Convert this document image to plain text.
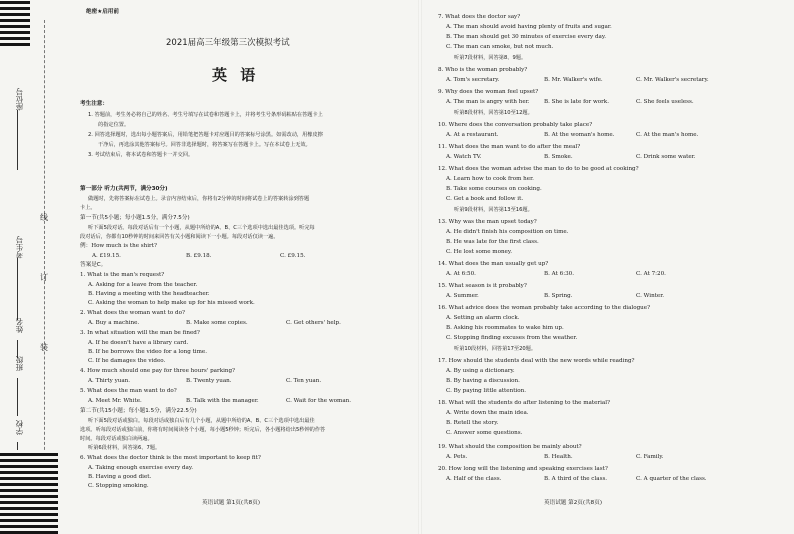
座位号
考生号
姓名
班级
学校
线
订
装
绝密★启用前
2021届高三年级第三次模拟考试
英 语
考生注意：
1. 答题前，考生务必将自己的姓名、考生号填写在试卷和答题卡上，并将考生号条形码粘贴在答题卡上
的指定位置。
2. 回答选择题时，选出每小题答案后，用铅笔把答题卡对应题目的答案标号涂黑。如需改动，用橡皮擦
干净后，再选涂其他答案标号。回答非选择题时，将答案写在答题卡上。写在本试卷上无效。
3. 考试结束后，将本试卷和答题卡一并交回。
第一部分 听力(共两节，满分30分)
做题时，先将答案标在试卷上。录音内容结束后，你将有2分钟的时间将试卷上的答案转涂到答题
卡上。
第一节(共5小题；每小题1.5分，满分7.5分)
听下面5段对话。每段对话后有一个小题，从题中所给的A、B、C三个选项中选出最佳选项。听完每
段对话后，你都有10秒钟的时间来回答有关小题和阅读下一小题。每段对话仅读一遍。
例：How much is the shirt?
A. £19.15.	B. £9.18.	C. £9.15.
答案是C。
1. What is the man's request?
A. Asking for a leave from the teacher.
B. Having a meeting with the headteacher.
C. Asking the woman to help make up for his missed work.
2. What does the woman want to do?
A. Buy a machine.	B. Make some copies.	C. Get others' help.
3. In what situation will the man be fined?
A. If he doesn't have a library card.
B. If he borrows the video for a long time.
C. If he damages the video.
4. How much should one pay for three hours' parking?
A. Thirty yuan.	B. Twenty yuan.	C. Ten yuan.
5. What does the man want to do?
A. Meet Mr. White.	B. Talk with the manager.	C. Wait for the woman.
第二节(共15小题；每小题1.5分，满分22.5分)
听下面5段对话或独白。每段对话或独白后有几个小题，从题中所给的A、B、C三个选项中选出最佳
选项。听每段对话或独白前，你将有时间阅读各个小题，每小题5秒钟；听完后，各小题将给出5秒钟的作答
时间。每段对话或独白读两遍。
听第6段材料，回答第6、7题。
6. What does the doctor think is the most important to keep fit?
A. Taking enough exercise every day.
B. Having a good diet.
C. Stopping smoking.
英语试题 第1页(共8页)
7. What does the doctor say?
A. The man should avoid having plenty of fruits and sugar.
B. The man should get 30 minutes of exercise every day.
C. The man can smoke, but not much.
听第7段材料，回答第8、9题。
8. Who is the woman probably?
A. Tom's secretary.	B. Mr. Walker's wife.	C. Mr. Walker's secretary.
9. Why does the woman feel upset?
A. The man is angry with her.	B. She is late for work.	C. She feels useless.
听第8段材料，回答第10至12题。
10. Where does the conversation probably take place?
A. At a restaurant.	B. At the woman's home.	C. At the man's home.
11. What does the man want to do after the meal?
A. Watch TV.	B. Smoke.	C. Drink some water.
12. What does the woman advise the man to do to be good at cooking?
A. Learn how to cook from her.
B. Take some courses on cooking.
C. Get a book and follow it.
听第9段材料，回答第13至16题。
13. Why was the man upset today?
A. He didn't finish his composition on time.
B. He was late for the first class.
C. He lost some money.
14. What does the man usually get up?
A. At 6:50.	B. At 6:30.	C. At 7:20.
15. What season is it probably?
A. Summer.	B. Spring.	C. Winter.
16. What advice does the woman probably take according to the dialogue?
A. Setting an alarm clock.
B. Asking his roommates to wake him up.
C. Stopping finding excuses from the weather.
听第10段材料，回答第17至20题。
17. How should the students deal with the new words while reading?
A. By using a dictionary.
B. By having a discussion.
C. By paying little attention.
18. What will the students do after listening to the material?
A. Write down the main idea.
B. Retell the story.
C. Answer some questions.
19. What should the composition be mainly about?
A. Pets.	B. Health.	C. Family.
20. How long will the listening and speaking exercises last?
A. Half of the class.	B. A third of the class.	C. A quarter of the class.
英语试题 第2页(共8页)
